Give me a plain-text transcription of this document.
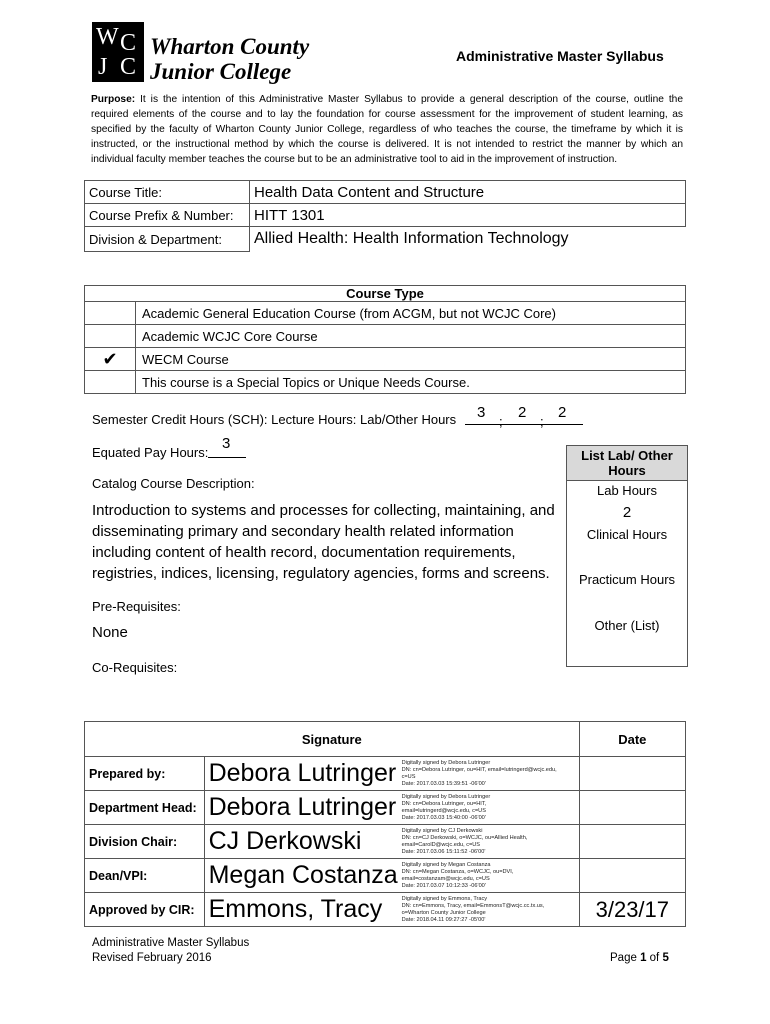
W C
J C
Wharton County
Junior College
Administrative Master Syllabus
Purpose: It is the intention of this Administrative Master Syllabus to provide a general description of the course, outline the required elements of the course and to lay the foundation for course assessment for the improvement of student learning, as specified by the faculty of Wharton County Junior College, regardless of who teaches the course, the timeframe by which it is instructed, or the instructional method by which the course is delivered. It is not intended to restrict the manner by which an individual faculty member teaches the course but to be an administrative tool to aid in the improvement of instruction.
Course Title:	Health Data Content and Structure
Course Prefix & Number:	HITT 1301
Division & Department:	Allied Health: Health Information Technology
Course Type	
	Academic General Education Course (from ACGM, but not WCJC Core)
	Academic WCJC Core Course
✔	WECM Course
	This course is a Special Topics or Unique Needs Course.
Semester Credit Hours (SCH): Lecture Hours: Lab/Other Hours 3
;
2
;
2
Equated Pay Hours:
3
Catalog Course Description:
Introduction to systems and processes for collecting, maintaining, and disseminating primary and secondary health related information including content of health record, documentation requirements, registries, indices, licensing, regulatory agencies, forms and screens.
Pre-Requisites:
None
Co-Requisites:
List Lab/ Other Hours
Lab Hours
2
Clinical Hours
Practicum Hours
Other (List)
Signature			Date
Prepared by:	Debora Lutringer	Digitally signed by Debora Lutringer
DN: cn=Debora Lutringer, ou=HIT, email=lutringerd@wcjc.edu,
c=US
Date: 2017.03.03 15:39:51 -06'00'	

Department Head:	Debora Lutringer	Digitally signed by Debora Lutringer
DN: cn=Debora Lutringer, ou=HIT,
email=lutringerd@wcjc.edu, c=US
Date: 2017.03.03 15:40:00 -06'00'	

Division Chair:	CJ Derkowski	Digitally signed by CJ Derkowski
DN: cn=CJ Derkowski, o=WCJC, ou=Allied Health,
email=CarolD@wcjc.edu, c=US
Date: 2017.03.06 15:11:52 -06'00'	

Dean/VPI:	Megan Costanza	Digitally signed by Megan Costanza
DN: cn=Megan Costanza, o=WCJC, ou=DVI,
email=costanzam@wcjc.edu, c=US
Date: 2017.03.07 10:12:33 -06'00'	

Approved by CIR:	Emmons, Tracy	Digitally signed by Emmons, Tracy
DN: cn=Emmons, Tracy, email=EmmonsT@wcjc.cc.tx.us,
o=Wharton County Junior College
Date: 2018.04.11 09:27:27 -05'00'	3/23/17
Administrative Master Syllabus
Revised February 2016	Page 1 of 5
